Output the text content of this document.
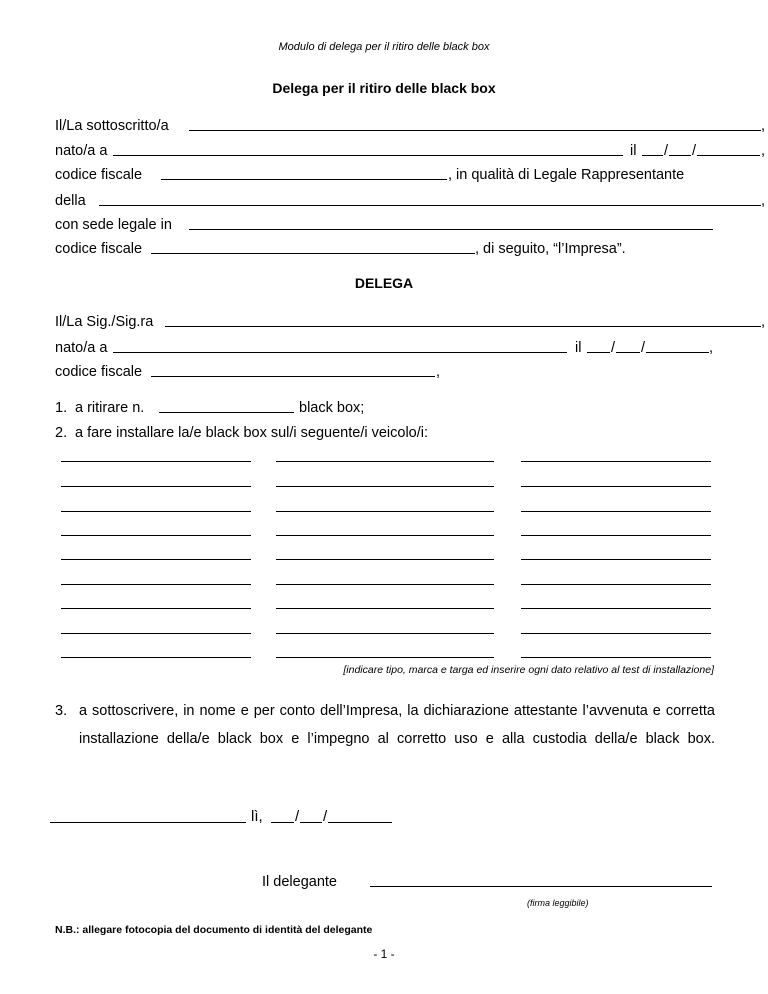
Modulo di delega per il ritiro delle black box
Delega per il ritiro delle black box
Il/La sottoscritto/a	,
nato/a a	il / /	,
codice fiscale	, in qualità di Legale Rappresentante
della	,
con sede legale in
codice fiscale	, di seguito, “l’Impresa”.
DELEGA
Il/La Sig./Sig.ra	,
nato/a a	il / /	,
codice fiscale	,
1. a ritirare n.	black box;
2. a fare installare la/e black box sul/i seguente/i veicolo/i:
[indicare tipo, marca e targa ed inserire ogni dato relativo al test di installazione]
3. a sottoscrivere, in nome e per conto dell’Impresa, la dichiarazione attestante l’avvenuta e corretta installazione della/e black box e l’impegno al corretto uso e alla custodia della/e black box.
lì, / /
Il delegante
(firma leggibile)
N.B.: allegare fotocopia del documento di identità del delegante
- 1 -
